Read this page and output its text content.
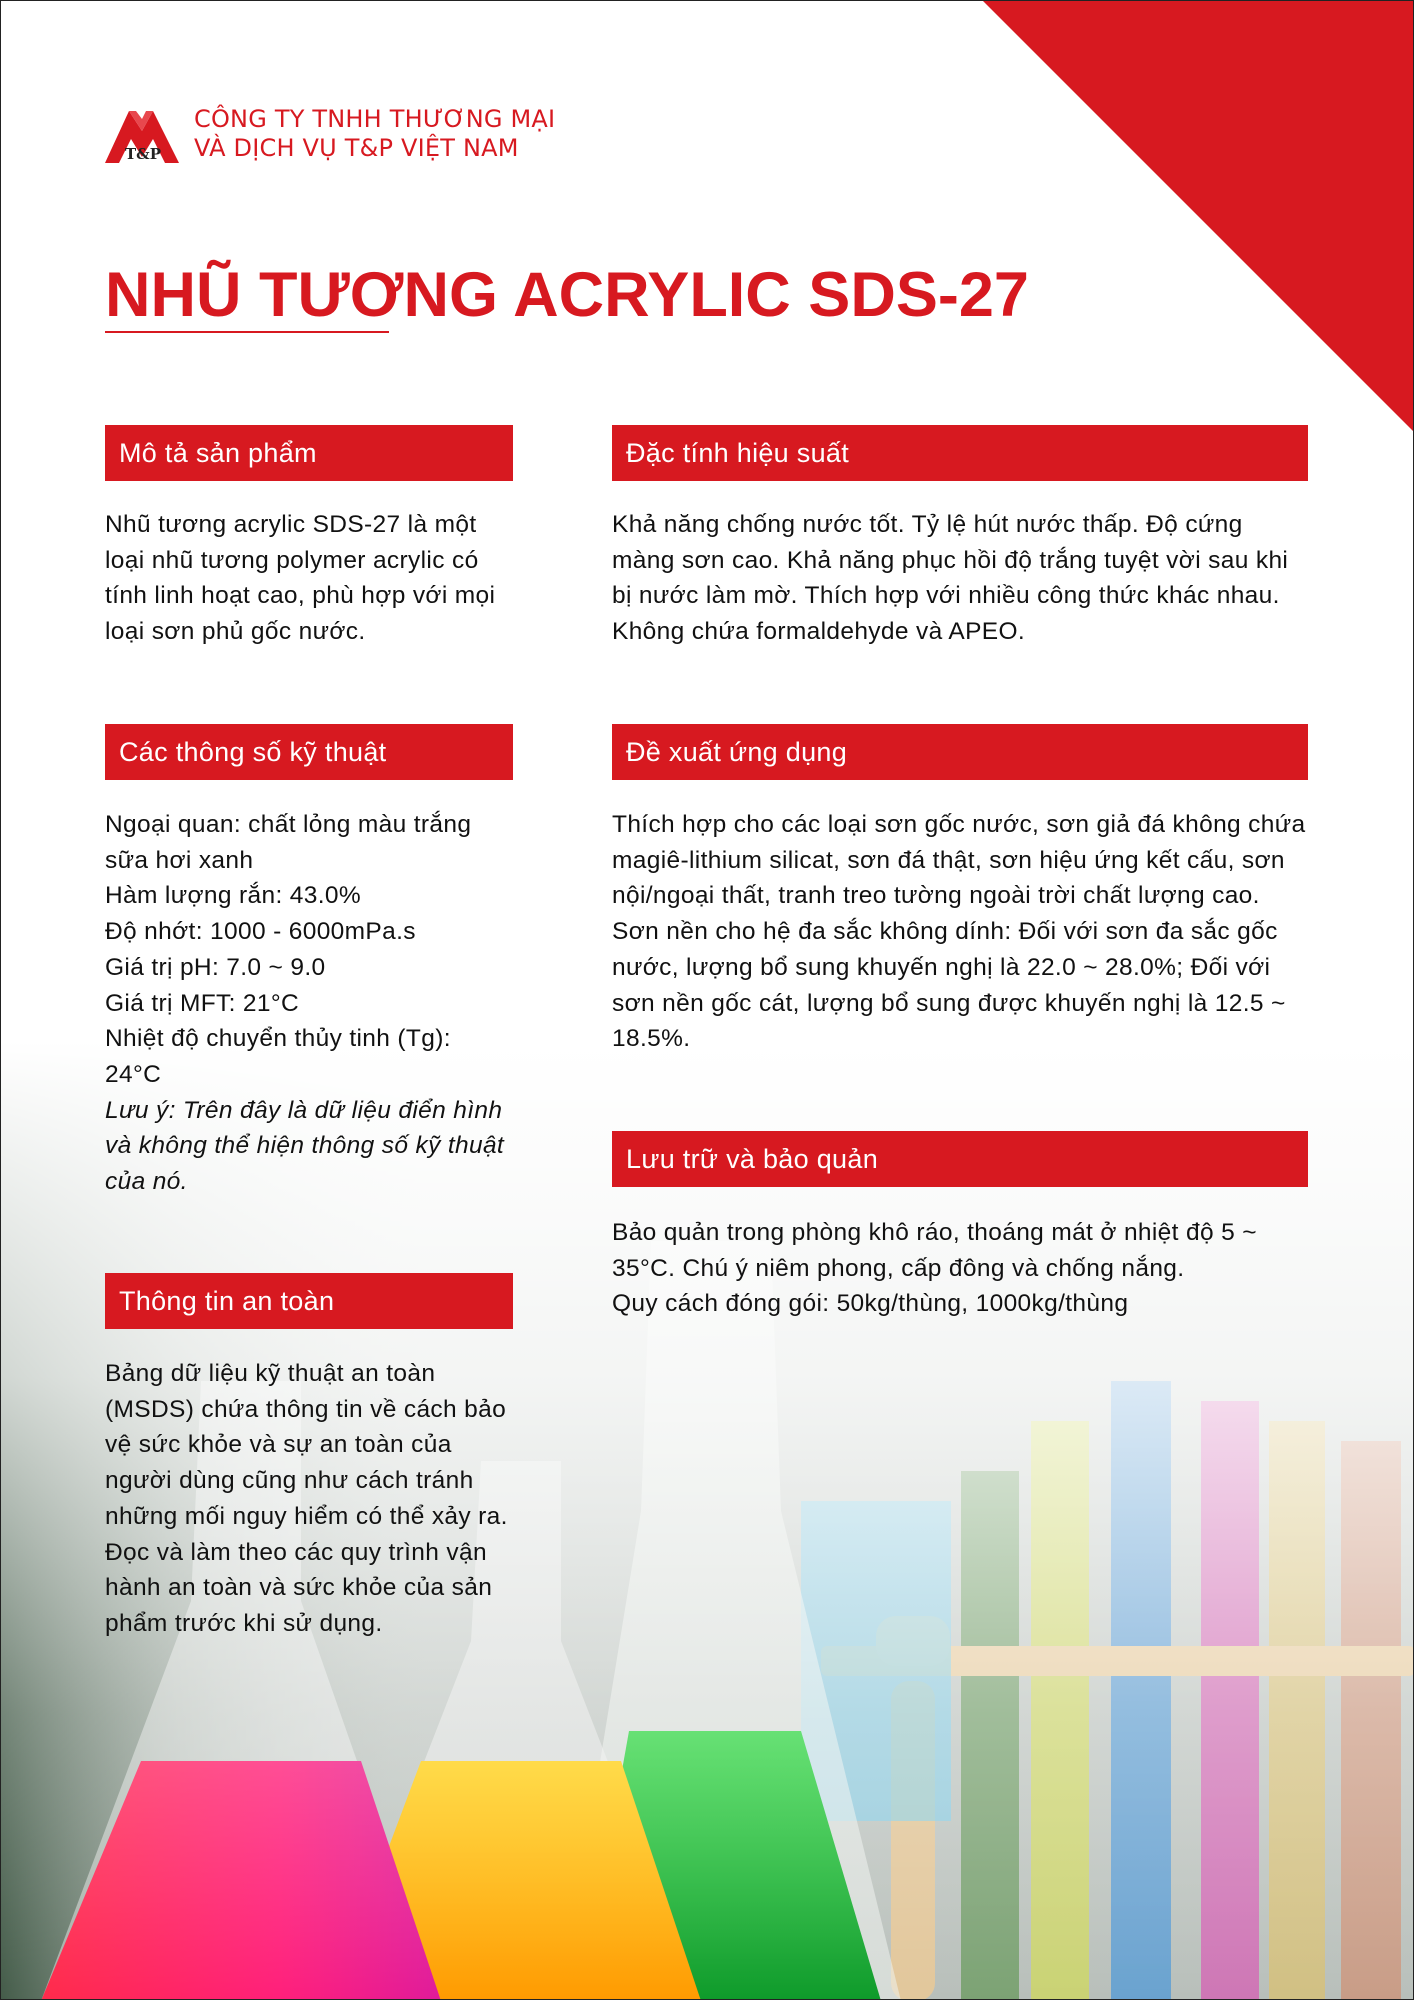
T&P
CÔNG TY TNHH THƯƠNG MẠI
VÀ DỊCH VỤ T&P VIỆT NAM
NHŨ TƯƠNG ACRYLIC SDS-27
Mô tả sản phẩm

Nhũ tương acrylic SDS-27 là một loại nhũ tương polymer acrylic có tính linh hoạt cao, phù hợp với mọi loại sơn phủ gốc nước.

Đặc tính hiệu suất

Khả năng chống nước tốt. Tỷ lệ hút nước thấp. Độ cứng màng sơn cao. Khả năng phục hồi độ trắng tuyệt vời sau khi bị nước làm mờ. Thích hợp với nhiều công thức khác nhau. Không chứa formaldehyde và APEO.

Các thông số kỹ thuật

Ngoại quan: chất lỏng màu trắng sữa hơi xanh

Hàm lượng rắn: 43.0%

Độ nhớt: 1000 - 6000mPa.s

Giá trị pH: 7.0 ~ 9.0

Giá trị MFT: 21°C

Nhiệt độ chuyển thủy tinh (Tg): 24°C

Lưu ý: Trên đây là dữ liệu điển hình và không thể hiện thông số kỹ thuật của nó.

Đề xuất ứng dụng

Thích hợp cho các loại sơn gốc nước, sơn giả đá không chứa magiê-lithium silicat, sơn đá thật, sơn hiệu ứng kết cấu, sơn nội/ngoại thất, tranh treo tường ngoài trời chất lượng cao. Sơn nền cho hệ đa sắc không dính: Đối với sơn đa sắc gốc nước, lượng bổ sung khuyến nghị là 22.0 ~ 28.0%; Đối với sơn nền gốc cát, lượng bổ sung được khuyến nghị là 12.5 ~ 18.5%.

Lưu trữ và bảo quản

Bảo quản trong phòng khô ráo, thoáng mát ở nhiệt độ 5 ~ 35°C. Chú ý niêm phong, cấp đông và chống nắng.

Quy cách đóng gói: 50kg/thùng, 1000kg/thùng

Thông tin an toàn

Bảng dữ liệu kỹ thuật an toàn (MSDS) chứa thông tin về cách bảo vệ sức khỏe và sự an toàn của người dùng cũng như cách tránh những mối nguy hiểm có thể xảy ra. Đọc và làm theo các quy trình vận hành an toàn và sức khỏe của sản phẩm trước khi sử dụng.
